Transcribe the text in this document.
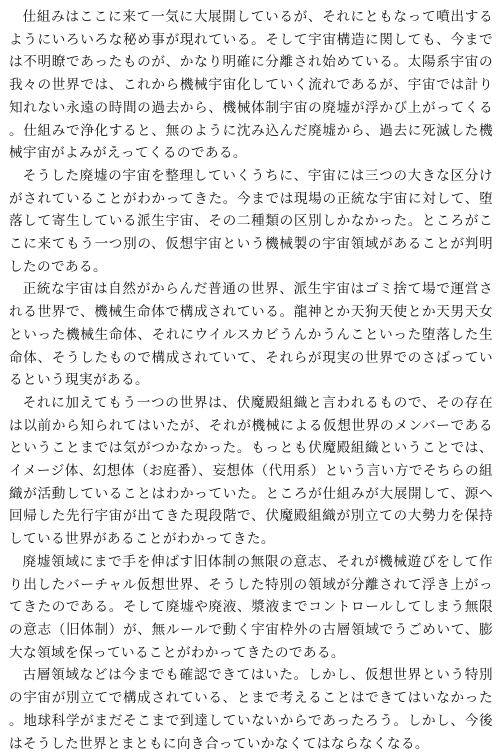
仕組みはここに来て一気に大展開しているが、それにともなって噴出するようにいろいろな秘め事が現れている。そして宇宙構造に関しても、今までは不明瞭であったものが、かなり明確に分離され始めている。太陽系宇宙の我々の世界では、これから機械宇宙化していく流れであるが、宇宙では計り知れない永遠の時間の過去から、機械体制宇宙の廃墟が浮かび上がってくる。仕組みで浄化すると、無のように沈み込んだ廃墟から、過去に死滅した機械宇宙がよみがえってくるのである。

そうした廃墟の宇宙を整理していくうちに、宇宙には三つの大きな区分けがされていることがわかってきた。今までは現場の正統な宇宙に対して、堕落して寄生している派生宇宙、その二種類の区別しかなかった。ところがここに来てもう一つ別の、仮想宇宙という機械製の宇宙領域があることが判明したのである。

正統な宇宙は自然がからんだ普通の世界、派生宇宙はゴミ捨て場で運営される世界で、機械生命体で構成されている。龍神とか天狗天使とか天男天女といった機械生命体、それにウイルスカビうんかうんこといった堕落した生命体、そうしたもので構成されていて、それらが現実の世界でのさばっているという現実がある。

それに加えてもう一つの世界は、伏魔殿組織と言われるもので、その存在は以前から知られてはいたが、それが機械による仮想世界のメンバーであるということまでは気がつかなかった。もっとも伏魔殿組織ということでは、イメージ体、幻想体（お庭番）、妄想体（代用系）という言い方でそちらの組織が活動していることはわかっていた。ところが仕組みが大展開して、源へ回帰した先行宇宙が出てきた現段階で、伏魔殿組織が別立ての大勢力を保持している世界があることがわかってきた。

廃墟領域にまで手を伸ばす旧体制の無限の意志、それが機械遊びをして作り出したバーチャル仮想世界、そうした特別の領域が分離されて浮き上がってきたのである。そして廃墟や廃液、漿液までコントロールしてしまう無限の意志（旧体制）が、無ルールで動く宇宙枠外の古層領域でうごめいて、膨大な領域を保っていることがわかってきたのである。

古層領域などは今までも確認できてはいた。しかし、仮想世界という特別の宇宙が別立てで構成されている、とまで考えることはできてはいなかった。地球科学がまだそこまで到達していないからであったろう。しかし、今後はそうした世界とまともに向き合っていかなくてはならなくなる。
